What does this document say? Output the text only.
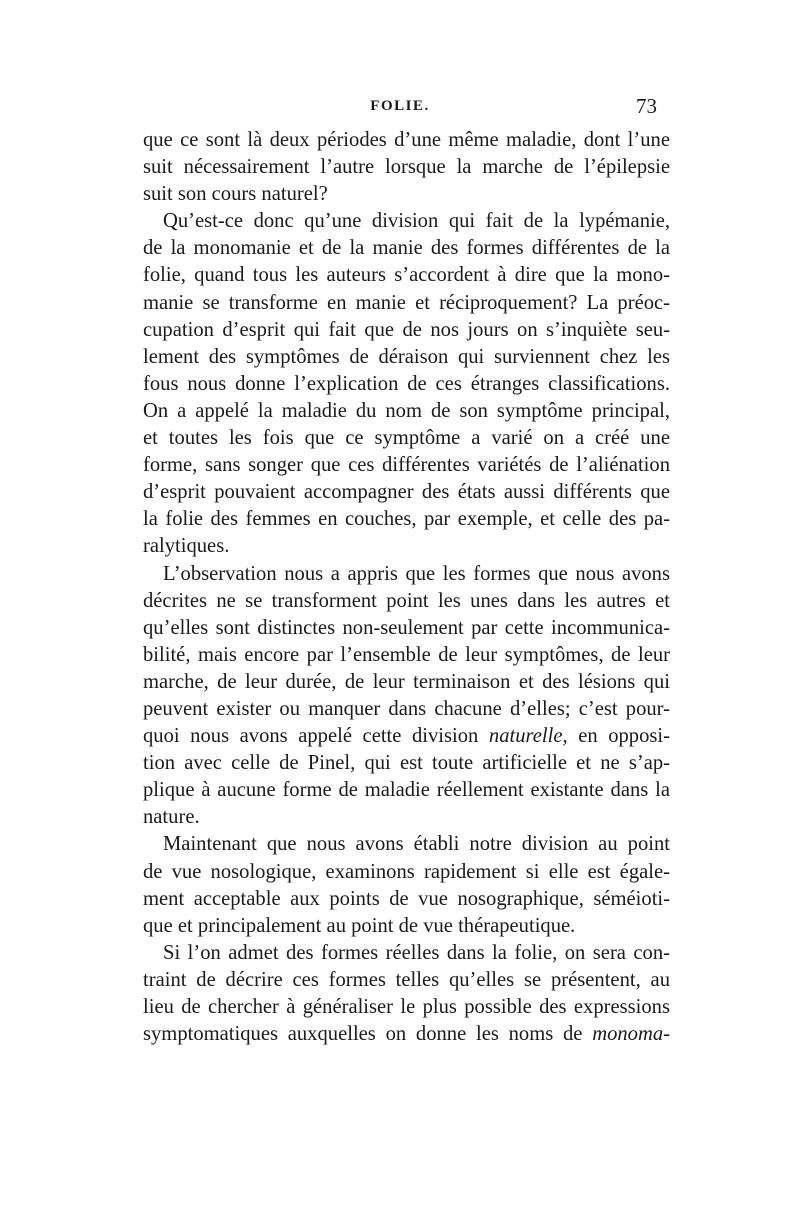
FOLIE.	73
que ce sont là deux périodes d’une même maladie, dont l’une
suit nécessairement l’autre lorsque la marche de l’épilepsie
suit son cours naturel?
Qu’est-ce donc qu’une division qui fait de la lypémanie,
de la monomanie et de la manie des formes différentes de la
folie, quand tous les auteurs s’accordent à dire que la mono-
manie se transforme en manie et réciproquement? La préoc-
cupation d’esprit qui fait que de nos jours on s’inquiète seu-
lement des symptômes de déraison qui surviennent chez les
fous nous donne l’explication de ces étranges classifications.
On a appelé la maladie du nom de son symptôme principal,
et toutes les fois que ce symptôme a varié on a créé une
forme, sans songer que ces différentes variétés de l’aliénation
d’esprit pouvaient accompagner des états aussi différents que
la folie des femmes en couches, par exemple, et celle des pa-
ralytiques.
L’observation nous a appris que les formes que nous avons
décrites ne se transforment point les unes dans les autres et
qu’elles sont distinctes non-seulement par cette incommunica-
bilité, mais encore par l’ensemble de leur symptômes, de leur
marche, de leur durée, de leur terminaison et des lésions qui
peuvent exister ou manquer dans chacune d’elles; c’est pour-
quoi nous avons appelé cette division naturelle, en opposi-
tion avec celle de Pinel, qui est toute artificielle et ne s’ap-
plique à aucune forme de maladie réellement existante dans la
nature.
Maintenant que nous avons établi notre division au point
de vue nosologique, examinons rapidement si elle est égale-
ment acceptable aux points de vue nosographique, séméioti-
que et principalement au point de vue thérapeutique.
Si l’on admet des formes réelles dans la folie, on sera con-
traint de décrire ces formes telles qu’elles se présentent, au
lieu de chercher à généraliser le plus possible des expressions
symptomatiques auxquelles on donne les noms de monoma-
